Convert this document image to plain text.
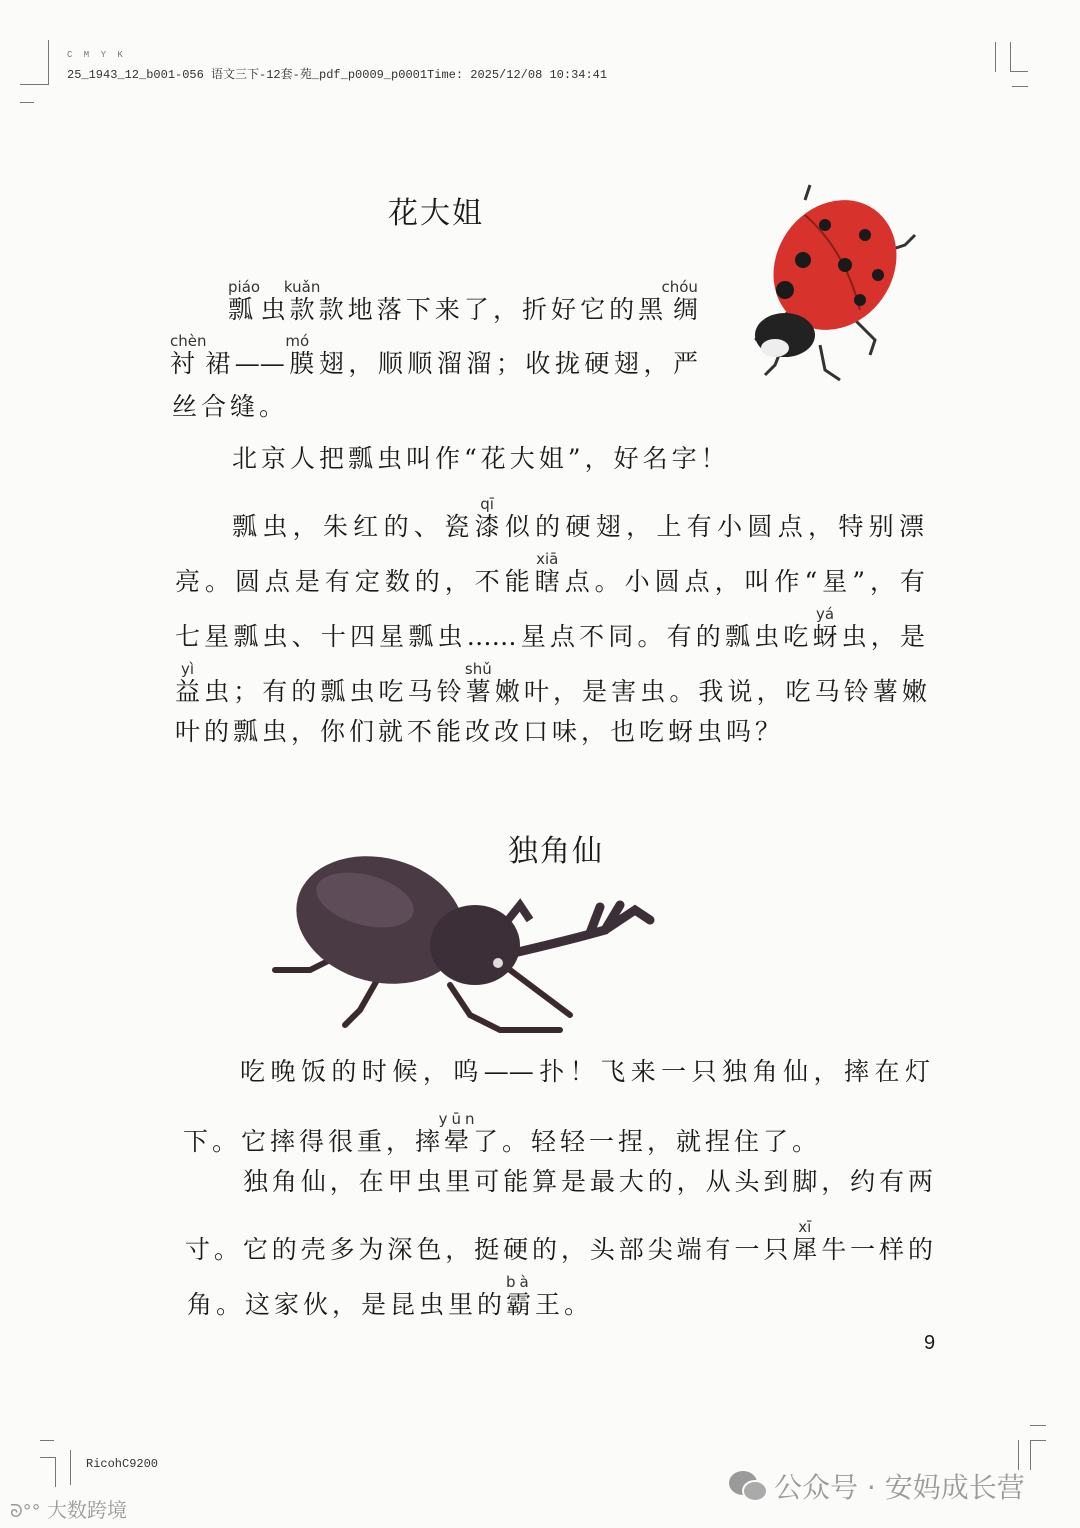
C M Y K
25_1943_12_b001-056 语文三下-12套-苑_pdf_p0009_p0001Time: 2025/12/08 10:34:41
花大姐
瓢piáo虫款kuǎn款地落下来了，折好它的黑绸chóu
衬chèn裙——膜mó翅，顺顺溜溜；收拢硬翅，严
丝合缝。
北京人把瓢虫叫作“花大姐”，好名字！
瓢虫，朱红的、瓷漆qī似的硬翅，上有小圆点，特别漂
亮。圆点是有定数的，不能瞎xiā点。小圆点，叫作“星”，有
七星瓢虫、十四星瓢虫……星点不同。有的瓢虫吃蚜yá虫，是
益yì虫；有的瓢虫吃马铃薯shǔ嫩叶，是害虫。我说，吃马铃薯嫩
叶的瓢虫，你们就不能改改口味，也吃蚜虫吗？
独角仙
吃晚饭的时候，呜——扑！飞来一只独角仙，摔在灯
下。它摔得很重，摔晕yūn了。轻轻一捏，就捏住了。
独角仙，在甲虫里可能算是最大的，从头到脚，约有两
寸。它的壳多为深色，挺硬的，头部尖端有一只犀xī牛一样的
角。这家伙，是昆虫里的霸bà王。
9
RicohC9200
ᘐ°° 大数跨境
公众号 · 安妈成长营
